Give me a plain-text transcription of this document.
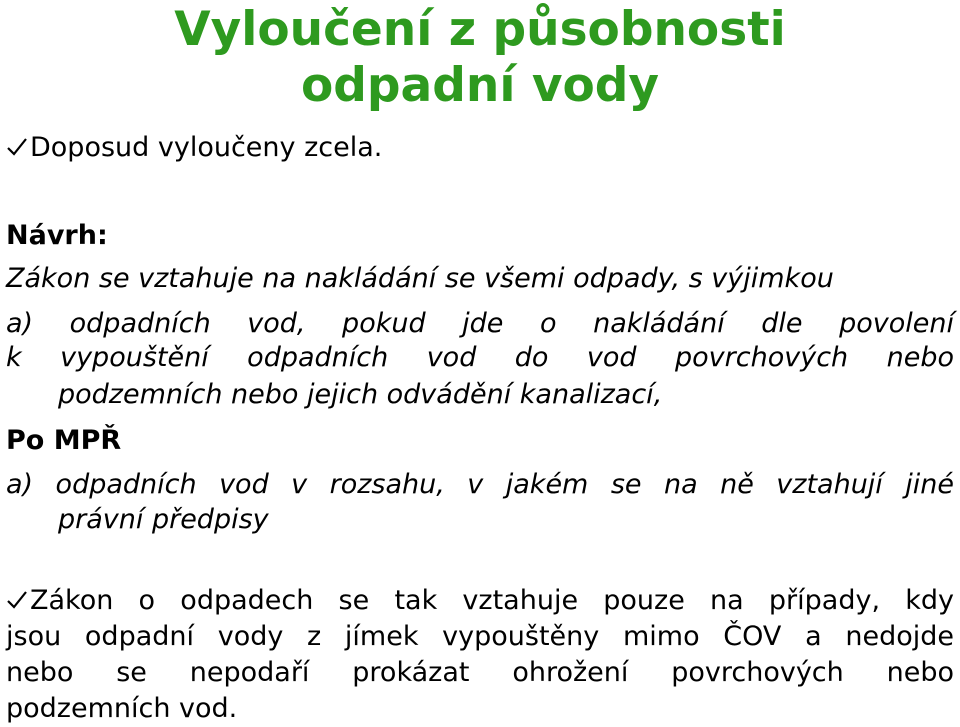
Vyloučení z působnosti
odpadní vody
Doposud vyloučeny zcela.
Návrh:
Zákon se vztahuje na nakládání se všemi odpady, s výjimkou
a) odpadních vod, pokud jde o nakládání dle povolení
k vypouštění odpadních vod do vod povrchových nebo
podzemních nebo jejich odvádění kanalizací,
Po MPŘ
a) odpadních vod v rozsahu, v jakém se na ně vztahují jiné
právní předpisy
Zákon o odpadech se tak vztahuje pouze na případy, kdy
jsou odpadní vody z jímek vypouštěny mimo ČOV a nedojde
nebo se nepodaří prokázat ohrožení povrchových nebo
podzemních vod.
